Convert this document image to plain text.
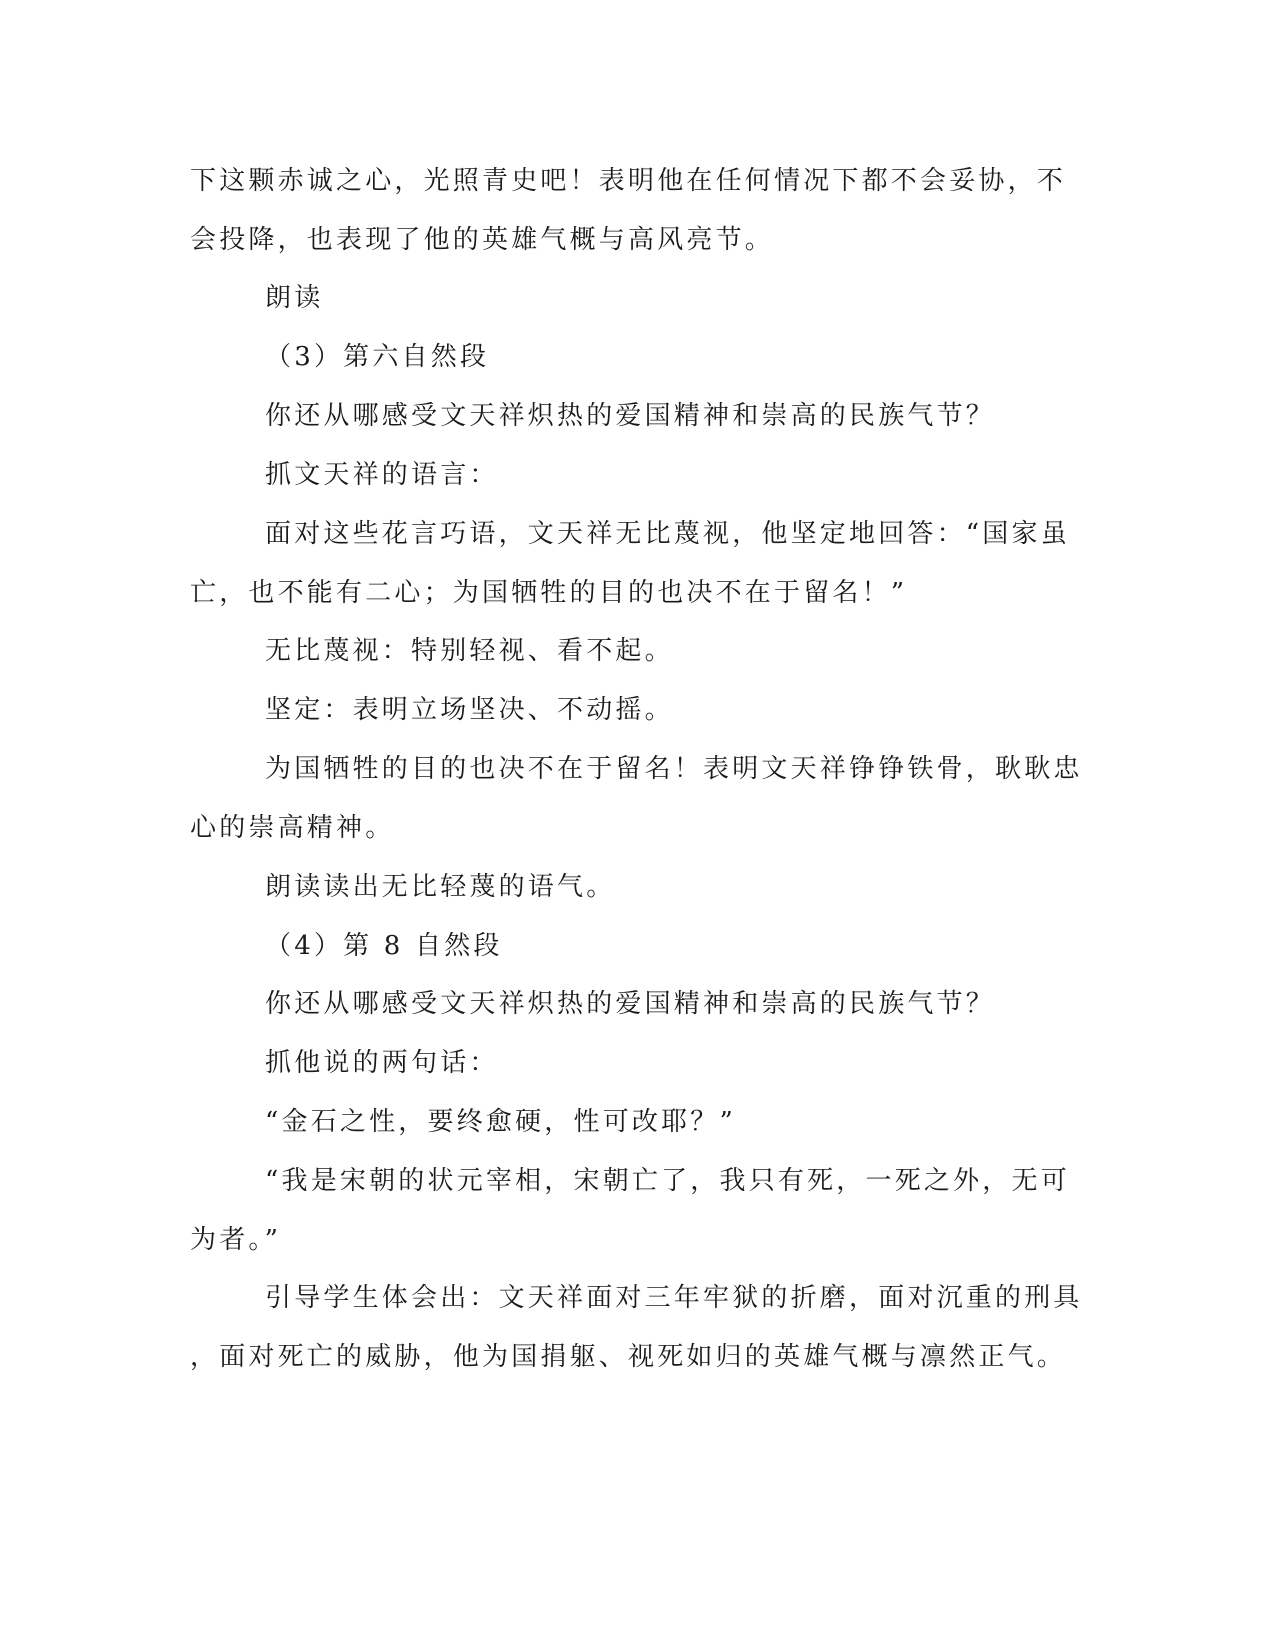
下这颗赤诚之心，光照青史吧！表明他在任何情况下都不会妥协，不
会投降，也表现了他的英雄气概与高风亮节。
朗读
（3）第六自然段
你还从哪感受文天祥炽热的爱国精神和崇高的民族气节？
抓文天祥的语言：
面对这些花言巧语，文天祥无比蔑视，他坚定地回答：“国家虽
亡，也不能有二心；为国牺牲的目的也决不在于留名！”
无比蔑视：特别轻视、看不起。
坚定：表明立场坚决、不动摇。
为国牺牲的目的也决不在于留名！表明文天祥铮铮铁骨，耿耿忠
心的崇高精神。
朗读读出无比轻蔑的语气。
（4）第 8 自然段
你还从哪感受文天祥炽热的爱国精神和崇高的民族气节？
抓他说的两句话：
“金石之性，要终愈硬，性可改耶？”
“我是宋朝的状元宰相，宋朝亡了，我只有死，一死之外，无可
为者。”
引导学生体会出：文天祥面对三年牢狱的折磨，面对沉重的刑具
，面对死亡的威胁，他为国捐躯、视死如归的英雄气概与凛然正气。
